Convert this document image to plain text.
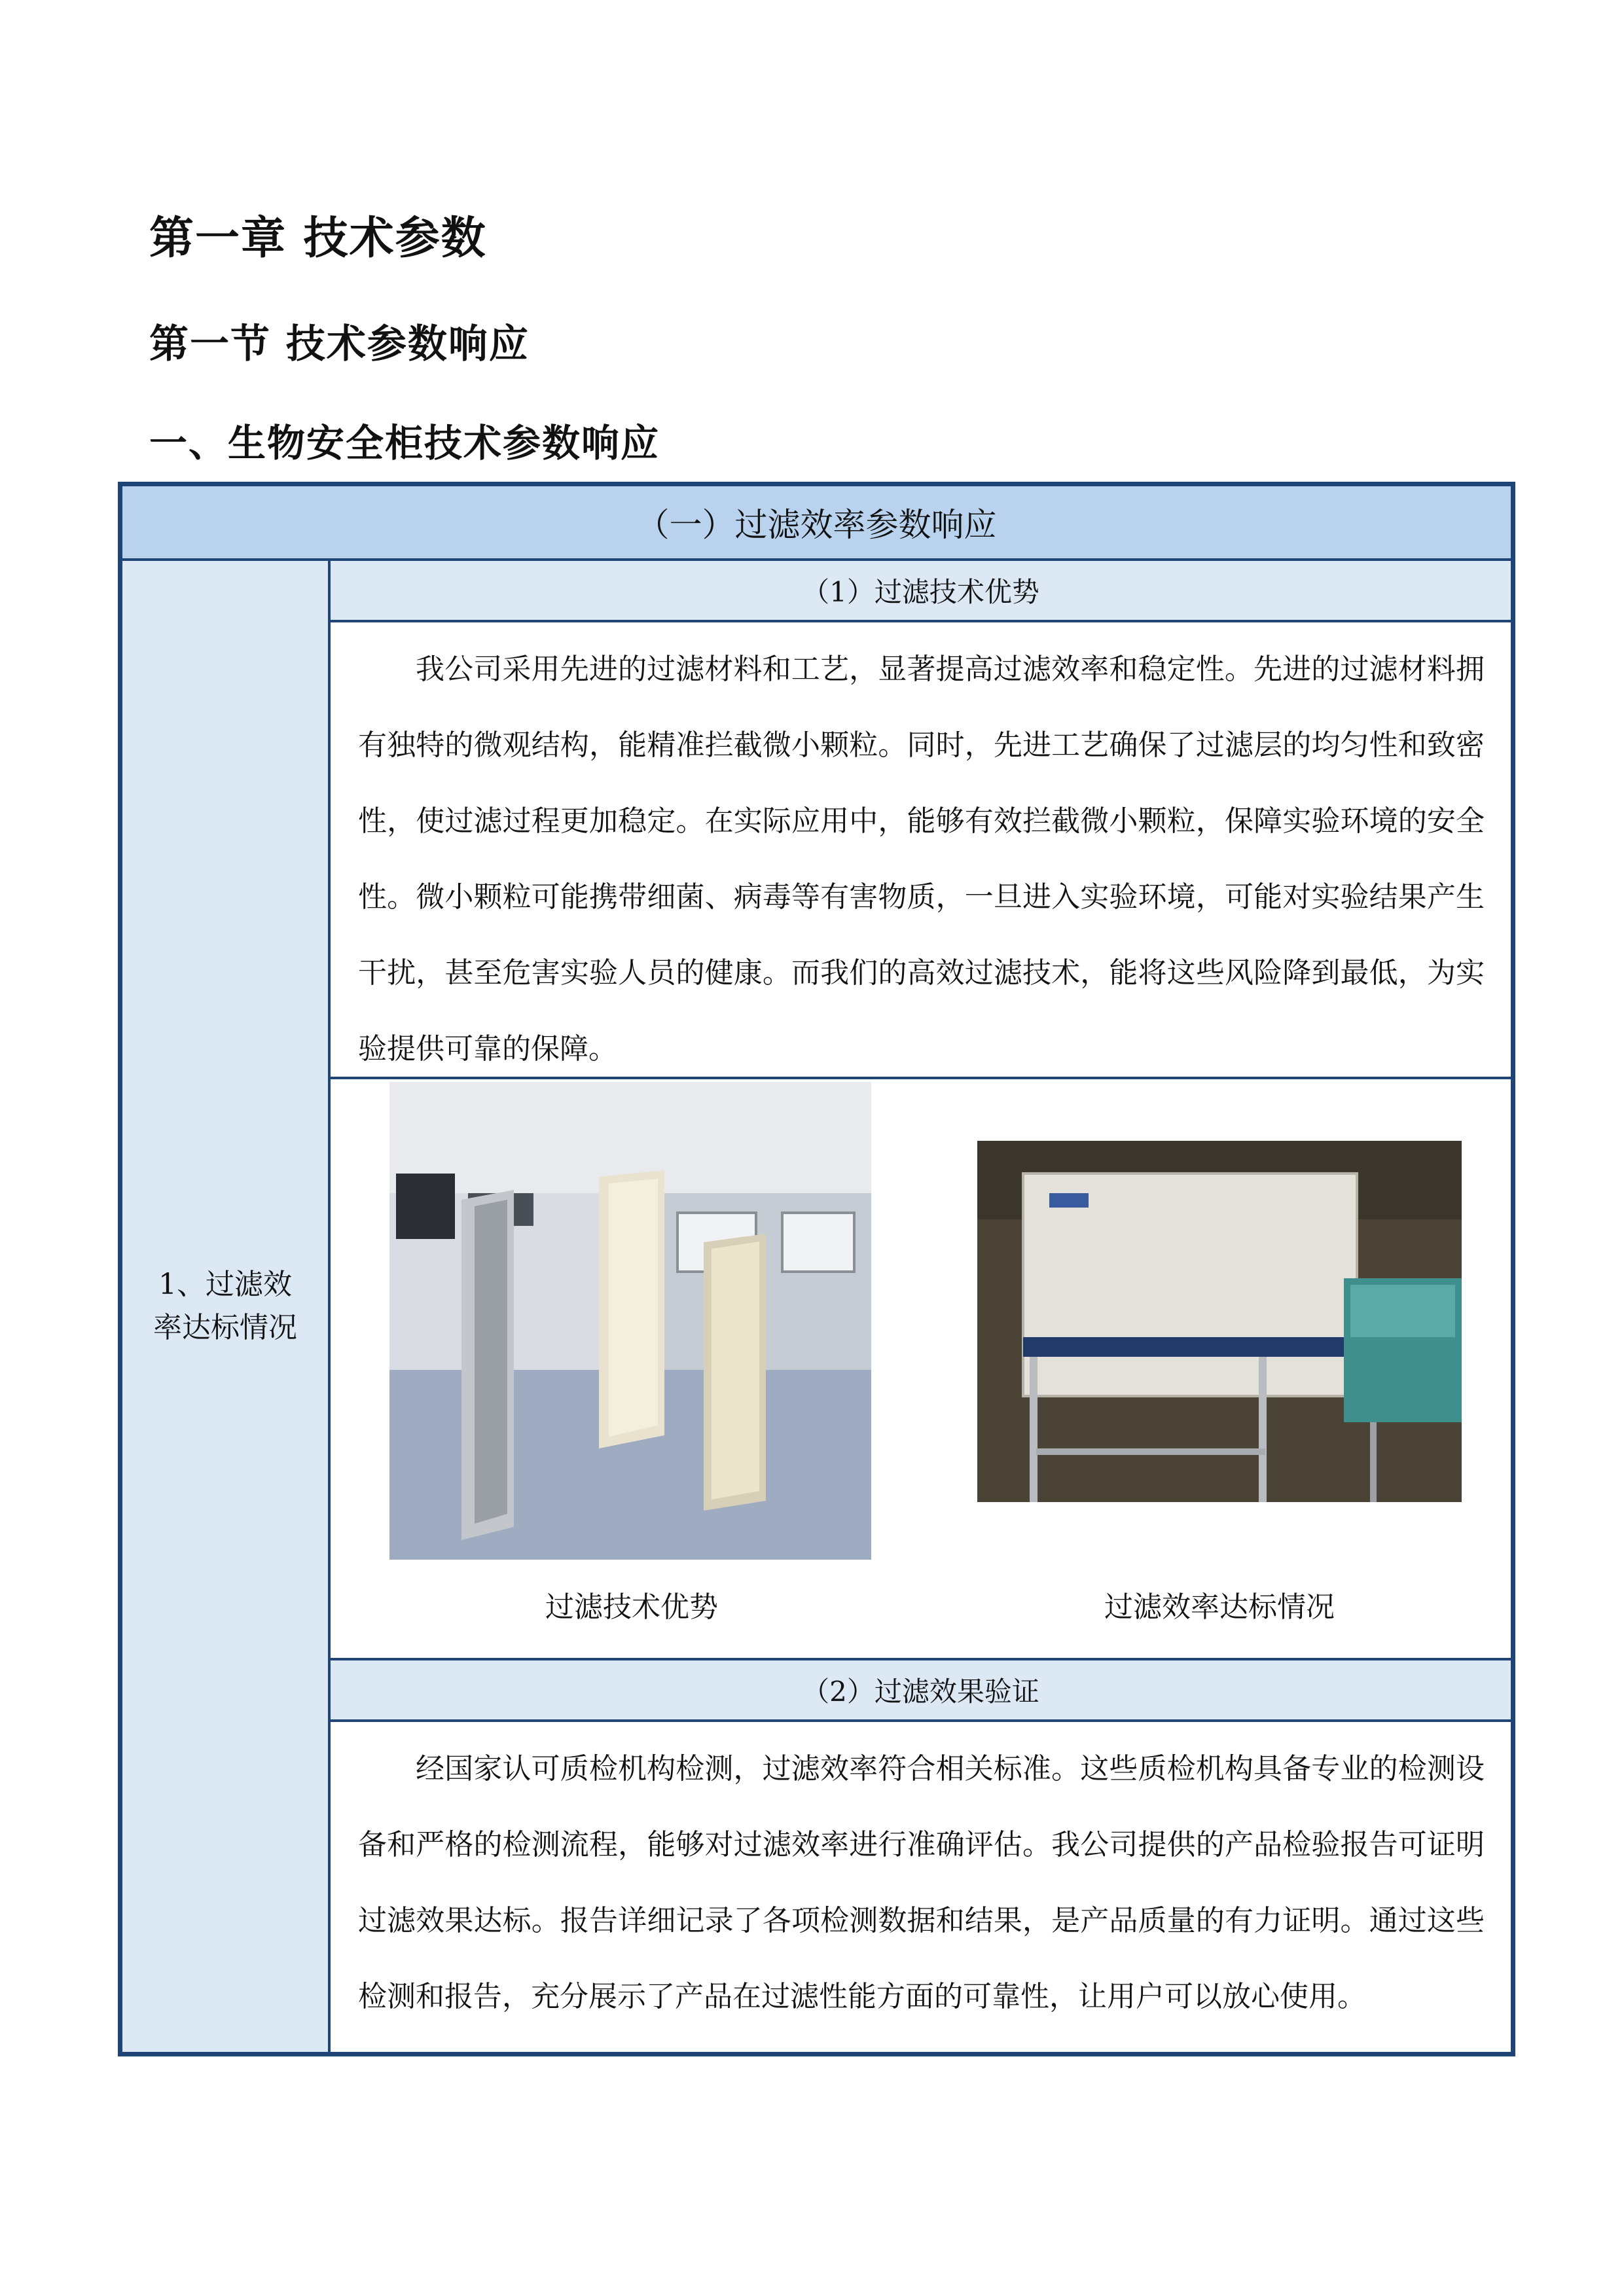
第一章 技术参数
第一节 技术参数响应
一、生物安全柜技术参数响应
（一）过滤效率参数响应
1、过滤效率达标情况
（1）过滤技术优势

我公司采用先进的过滤材料和工艺，显著提高过滤效率和稳定性。先进的过滤材料拥有独特的微观结构，能精准拦截微小颗粒。同时，先进工艺确保了过滤层的均匀性和致密性，使过滤过程更加稳定。在实际应用中，能够有效拦截微小颗粒，保障实验环境的安全性。微小颗粒可能携带细菌、病毒等有害物质，一旦进入实验环境，可能对实验结果产生干扰，甚至危害实验人员的健康。而我们的高效过滤技术，能将这些风险降到最低，为实验提供可靠的保障。

过滤技术优势	过滤效率达标情况
（2）过滤效果验证

经国家认可质检机构检测，过滤效率符合相关标准。这些质检机构具备专业的检测设备和严格的检测流程，能够对过滤效率进行准确评估。我公司提供的产品检验报告可证明过滤效果达标。报告详细记录了各项检测数据和结果，是产品质量的有力证明。通过这些检测和报告，充分展示了产品在过滤性能方面的可靠性，让用户可以放心使用。
